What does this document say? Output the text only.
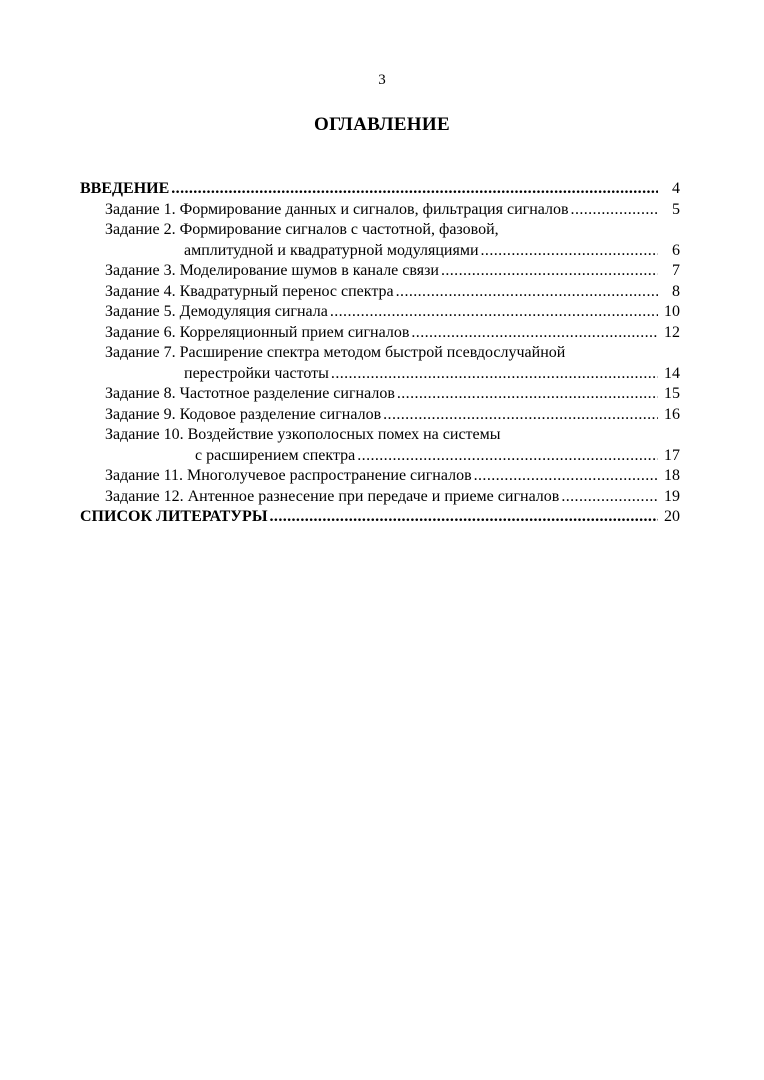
3
ОГЛАВЛЕНИЕ
ВВЕДЕНИЕ .....	4
Задание 1. Формирование данных и сигналов, фильтрация сигналов .....	5
Задание 2. Формирование сигналов с частотной, фазовой,
амплитудной и квадратурной модуляциями .....	6
Задание 3. Моделирование шумов в канале связи .....	7
Задание 4. Квадратурный перенос спектра .....	8
Задание 5. Демодуляция сигнала .....	10
Задание 6. Корреляционный прием сигналов .....	12
Задание 7. Расширение спектра методом быстрой псевдослучайной
перестройки частоты .....	14
Задание 8. Частотное разделение сигналов .....	15
Задание 9. Кодовое разделение сигналов .....	16
Задание 10. Воздействие узкополосных помех на системы
с расширением спектра .....	17
Задание 11. Многолучевое распространение сигналов .....	18
Задание 12. Антенное разнесение при передаче и приеме сигналов .....	19
СПИСОК ЛИТЕРАТУРЫ .....	20
